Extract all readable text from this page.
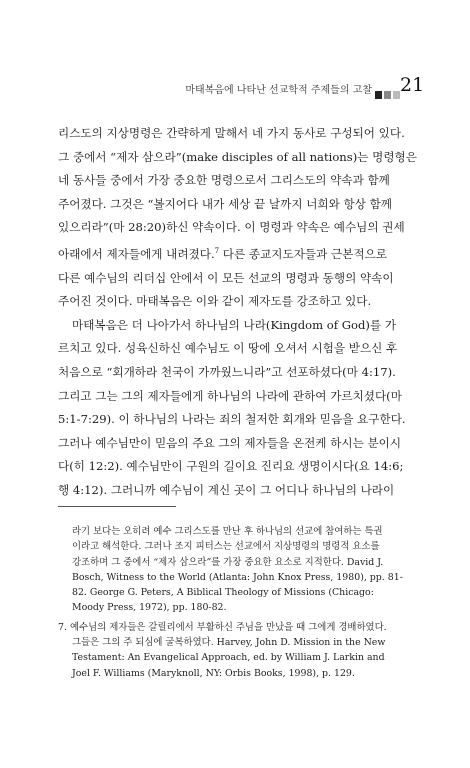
마태복음에 나타난 선교학적 주제들의 고찰 21
리스도의 지상명령은 간략하게 말해서 네 가지 동사로 구성되어 있다.
그 중에서 “제자 삼으라”(make disciples of all nations)는 명령형은
네 동사들 중에서 가장 중요한 명령으로서 그리스도의 약속과 함께
주어졌다. 그것은 “볼지어다 내가 세상 끝 날까지 너희와 항상 함께
있으리라”(마 28:20)하신 약속이다. 이 명령과 약속은 예수님의 권세
아래에서 제자들에게 내려졌다.$^7$ 다른 종교지도자들과 근본적으로
다른 예수님의 리더십 안에서 이 모든 선교의 명령과 동행의 약속이
주어진 것이다. 마태복음은 이와 같이 제자도를 강조하고 있다.
마태복음은 더 나아가서 하나님의 나라(Kingdom of God)를 가
르치고 있다. 성육신하신 예수님도 이 땅에 오셔서 시험을 받으신 후
처음으로 “회개하라 천국이 가까웠느니라”고 선포하셨다(마 4:17).
그리고 그는 그의 제자들에게 하나님의 나라에 관하여 가르치셨다(마
5:1-7:29). 이 하나님의 나라는 죄의 철저한 회개와 믿음을 요구한다.
그러나 예수님만이 믿음의 주요 그의 제자들을 온전케 하시는 분이시
다(히 12:2). 예수님만이 구원의 길이요 진리요 생명이시다(요 14:6;
행 4:12). 그러니까 예수님이 계신 곳이 그 어디나 하나님의 나라이
라기 보다는 오히려 예수 그리스도를 만난 후 하나님의 선교에 참여하는 특권
이라고 해석한다. 그러나 조지 피터스는 선교에서 지상명령의 명령적 요소를
강조하며 그 중에서 “제자 삼으라”를 가장 중요한 요소로 지적한다. David J.
Bosch, Witness to the World (Atlanta: John Knox Press, 1980), pp. 81-
82. George G. Peters, A Biblical Theology of Missions (Chicago:
Moody Press, 1972), pp. 180-82.
7. 예수님의 제자들은 갈릴리에서 부활하신 주님을 만났을 때 그에게 경배하였다.
그들은 그의 주 되심에 굴복하였다. Harvey, John D. Mission in the New
Testament: An Evangelical Approach, ed. by William J. Larkin and
Joel F. Williams (Maryknoll, NY: Orbis Books, 1998), p. 129.
